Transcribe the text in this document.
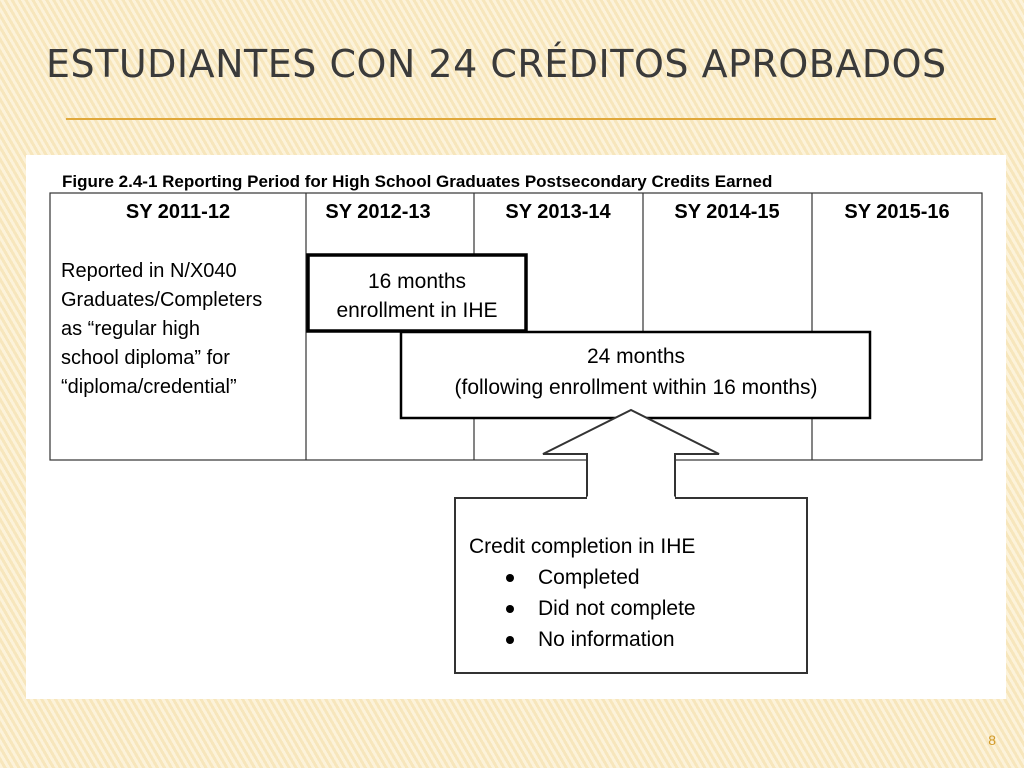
ESTUDIANTES CON 24 CRÉDITOS APROBADOS
Figure 2.4-1 Reporting Period for High School Graduates Postsecondary Credits Earned
SY 2011-12	SY 2012-13	SY 2013-14	SY 2014-15	SY 2015-16
Reported in N/X040
Graduates/Completers
as “regular high
school diploma” for
“diploma/credential”
16 months
enrollment in IHE
24 months
(following enrollment within 16 months)
Credit completion in IHE
Completed
Did not complete
No information
8
